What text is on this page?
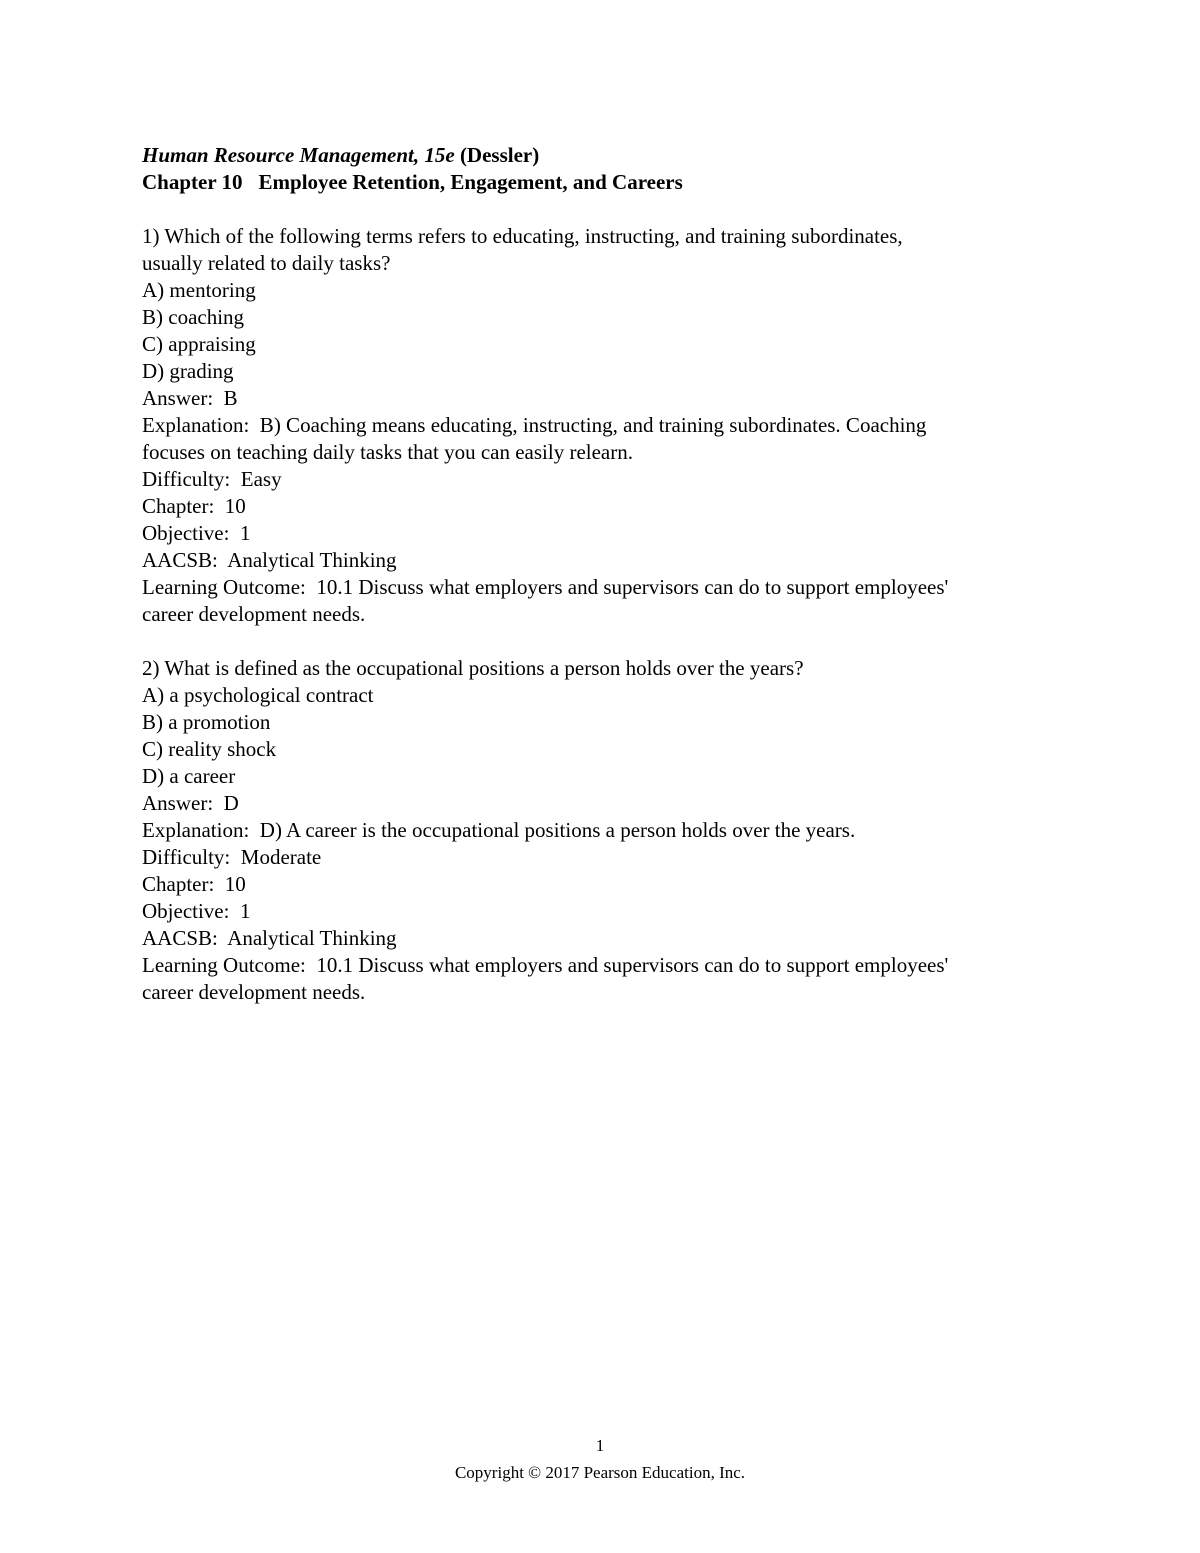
Human Resource Management, 15e (Dessler)

Chapter 10 Employee Retention, Engagement, and Careers

1) Which of the following terms refers to educating, instructing, and training subordinates,

usually related to daily tasks?

A) mentoring

B) coaching

C) appraising

D) grading

Answer:  B

Explanation:  B) Coaching means educating, instructing, and training subordinates. Coaching

focuses on teaching daily tasks that you can easily relearn.

Difficulty:  Easy

Chapter:  10

Objective:  1

AACSB:  Analytical Thinking

Learning Outcome:  10.1 Discuss what employers and supervisors can do to support employees'

career development needs.

2) What is defined as the occupational positions a person holds over the years?

A) a psychological contract

B) a promotion

C) reality shock

D) a career

Answer:  D

Explanation:  D) A career is the occupational positions a person holds over the years.

Difficulty:  Moderate

Chapter:  10

Objective:  1

AACSB:  Analytical Thinking

Learning Outcome:  10.1 Discuss what employers and supervisors can do to support employees'

career development needs.

1
Copyright © 2017 Pearson Education, Inc.
